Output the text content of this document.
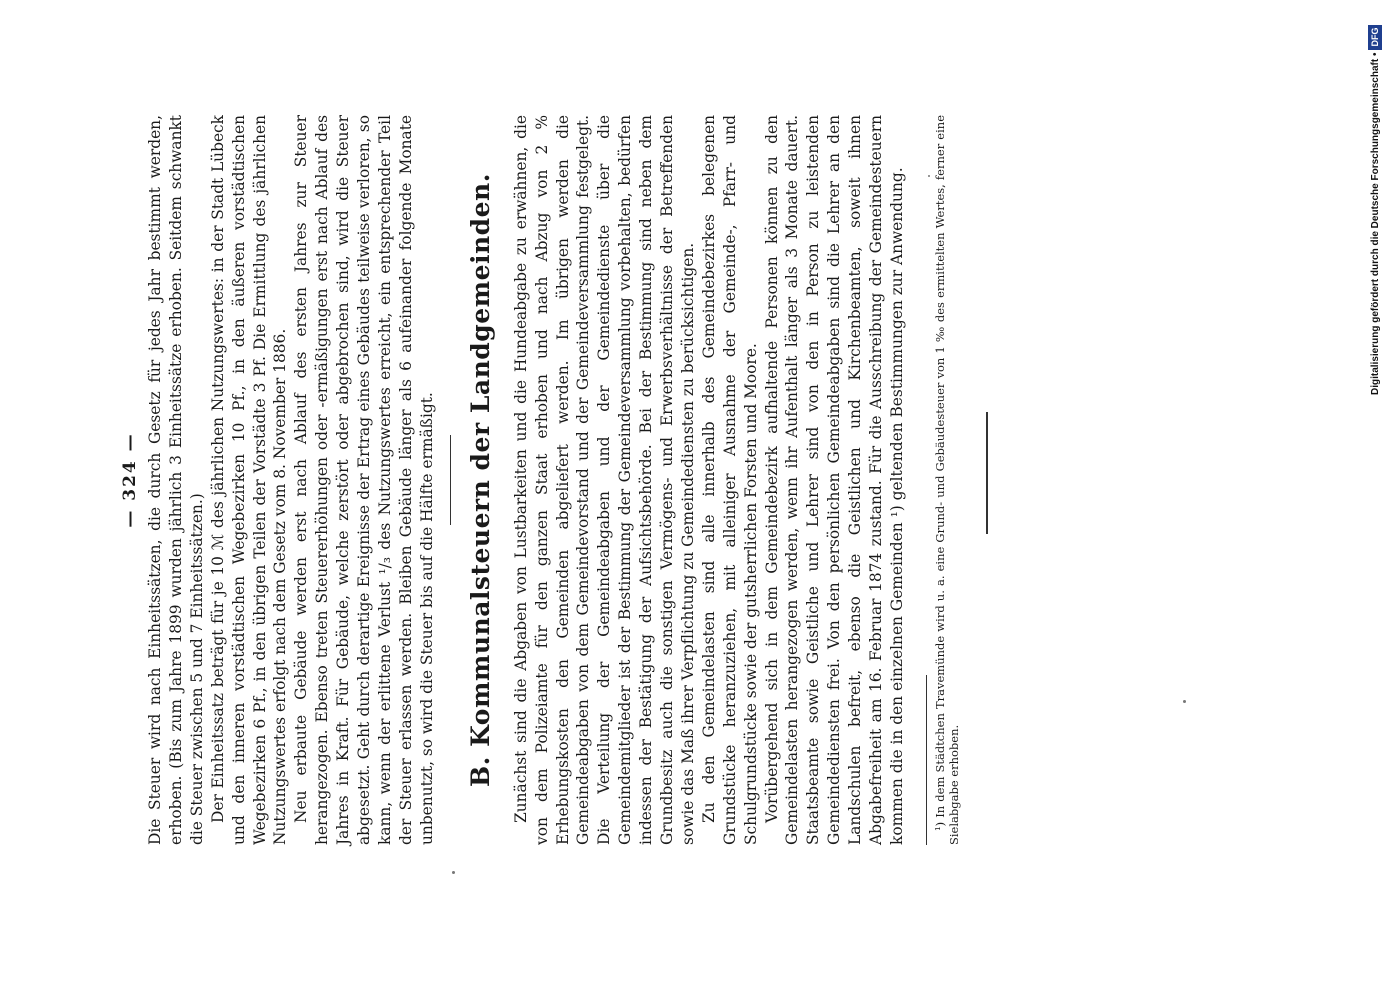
— 324 — Die Steuer wird nach Einheitssätzen, die durch Gesetz für jedes Jahr bestimmt werden, erhoben. (Bis zum Jahre 1899 wurden jährlich 3 Einheitssätze erhoben. Seitdem schwankt die Steuer zwischen 5 und 7 Einheitssätzen.) Der Einheitssatz beträgt für je 10 ℳ des jährlichen Nutzungswertes: in der Stadt Lübeck und den inneren vorstädtischen Wegebezirken 10 Pf., in den äußeren vorstädtischen Wegebezirken 6 Pf., in den übrigen Teilen der Vorstädte 3 Pf. Die Ermittlung des jährlichen Nutzungswertes erfolgt nach dem Gesetz vom 8. November 1886. Neu erbaute Gebäude werden erst nach Ablauf des ersten Jahres zur Steuer herangezogen. Ebenso treten Steuererhöhungen oder -ermäßigungen erst nach Ablauf des Jahres in Kraft. Für Gebäude, welche zerstört oder abgebrochen sind, wird die Steuer abgesetzt. Geht durch derartige Ereignisse der Ertrag eines Gebäudes teilweise verloren, so kann, wenn der erlittene Verlust ¹/₃ des Nutzungswertes erreicht, ein entsprechender Teil der Steuer erlassen werden. Bleiben Gebäude länger als 6 aufeinander folgende Monate unbenutzt, so wird die Steuer bis auf die Hälfte ermäßigt. B. Kommunalsteuern der Landgemeinden. Zunächst sind die Abgaben von Lustbarkeiten und die Hundeabgabe zu erwähnen, die von dem Polizeiamte für den ganzen Staat erhoben und nach Abzug von 2 % Erhebungskosten den Gemeinden abgeliefert werden. Im übrigen werden die Gemeindeabgaben von dem Gemeindevorstand und der Gemeindeversammlung festgelegt. Die Verteilung der Gemeindeabgaben und der Gemeindedienste über die Gemeindemitglieder ist der Bestimmung der Gemeindeversammlung vorbehalten, bedürfen indessen der Bestätigung der Aufsichtsbehörde. Bei der Bestimmung sind neben dem Grundbesitz auch die sonstigen Vermögens- und Erwerbsverhältnisse der Betreffenden sowie das Maß ihrer Verpflichtung zu Gemeindediensten zu berücksichtigen. Zu den Gemeindelasten sind alle innerhalb des Gemeindebezirkes belegenen Grundstücke heranzuziehen, mit alleiniger Ausnahme der Gemeinde-, Pfarr- und Schulgrundstücke sowie der gutsherrlichen Forsten und Moore. Vorübergehend sich in dem Gemeindebezirk aufhaltende Personen können zu den Gemeindelasten herangezogen werden, wenn ihr Aufenthalt länger als 3 Monate dauert. Staatsbeamte sowie Geistliche und Lehrer sind von den in Person zu leistenden Gemeindediensten frei. Von den persönlichen Gemeindeabgaben sind die Lehrer an den Landschulen befreit, ebenso die Geistlichen und Kirchenbeamten, soweit ihnen Abgabefreiheit am 16. Februar 1874 zustand. Für die Ausschreibung der Gemeindesteuern kommen die in den einzelnen Gemeinden ¹) geltenden Bestimmungen zur Anwendung. ¹) In dem Städtchen Travemünde wird u. a. eine Grund- und Gebäudesteuer von 1 ‰ des ermittelten Wertes, ferner eine Sielabgabe erhoben.

Digitalisierung gefördert durch die Deutsche Forschungsgemeinschaft •DFG
